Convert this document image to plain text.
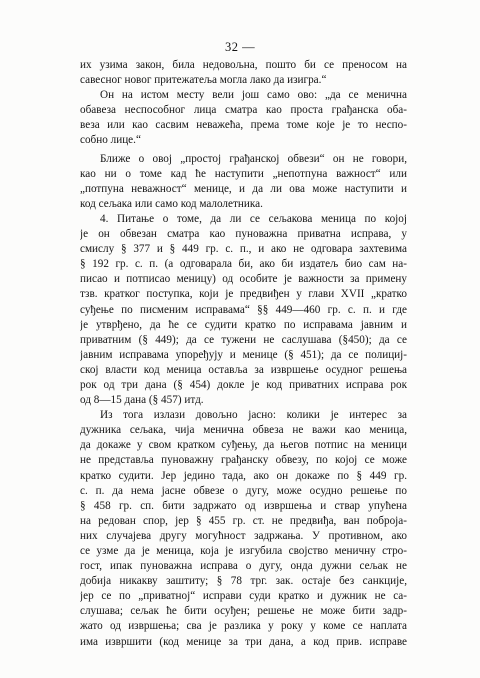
32 —
их узима закон, била недовољна, пошто би се преносом на
савесног новог притежатеља могла лако да изигра.“
Он на истом месту вели још само ово: „да се менична
обавеза неспособног лица сматра као проста грађанска оба-
веза или као сасвим неважећа, према томе које је то неспо-
собно лице.“
Ближе о овој „простој грађанској обвези“ он не говори,
као ни о томе кад ће наступити „непотпуна важност“ или
„потпуна неважност“ менице, и да ли ова може наступити и
код сељака или само код малолетника.
4. Питање о томе, да ли се сељакова меница по којој
је он обвезан сматра као пуноважна приватна исправа, у
смислу § 377 и § 449 гр. с. п., и ако не одговара захтевима
§ 192 гр. с. п. (а одговарала би, ако би издатељ био сам на-
писао и потписао меницу) од особите је важности за примену
тзв. кратког поступка, који је предвиђен у глави XVII „кратко
суђење по писменим исправама“ §§ 449—460 гр. с. п. и где
је утврђено, да ће се судити кратко по исправама јавним и
приватним (§ 449); да се тужени не саслушава (§450); да се
јавним исправама упоређују и менице (§ 451); да се полициј-
ској власти код меница оставља за извршење осудног решења
рок од три дана (§ 454) докле је код приватних исправа рок
од 8—15 дана (§ 457) итд.
Из тога излази довољно јасно: колики је интерес за
дужника сељака, чија менична обвеза не важи као меница,
да докаже у свом кратком суђењу, да његов потпис на меници
не представља пуноважну грађанску обвезу, по којој се може
кратко судити. Јер једино тада, ако он докаже по § 449 гр.
с. п. да нема јасне обвезе о дугу, може осудно решење по
§ 458 гр. сп. бити задржато од извршења и ствар упућена
на редован спор, јер § 455 гр. ст. не предвиђа, ван поброја-
них случајева другу могућност задржања. У противном, ако
се узме да је меница, која је изгубила својство меничну стро-
гост, ипак пуноважна исправа о дугу, онда дужни сељак не
добија никакву заштиту; § 78 трг. зак. остаје без санкције,
јер се по „приватној“ исправи суди кратко и дужник не са-
слушава; сељак ће бити осуђен; решење не може бити задр-
жато од извршења; сва је разлика у року у коме се наплата
има извршити (код менице за три дана, а код прив. исправе
